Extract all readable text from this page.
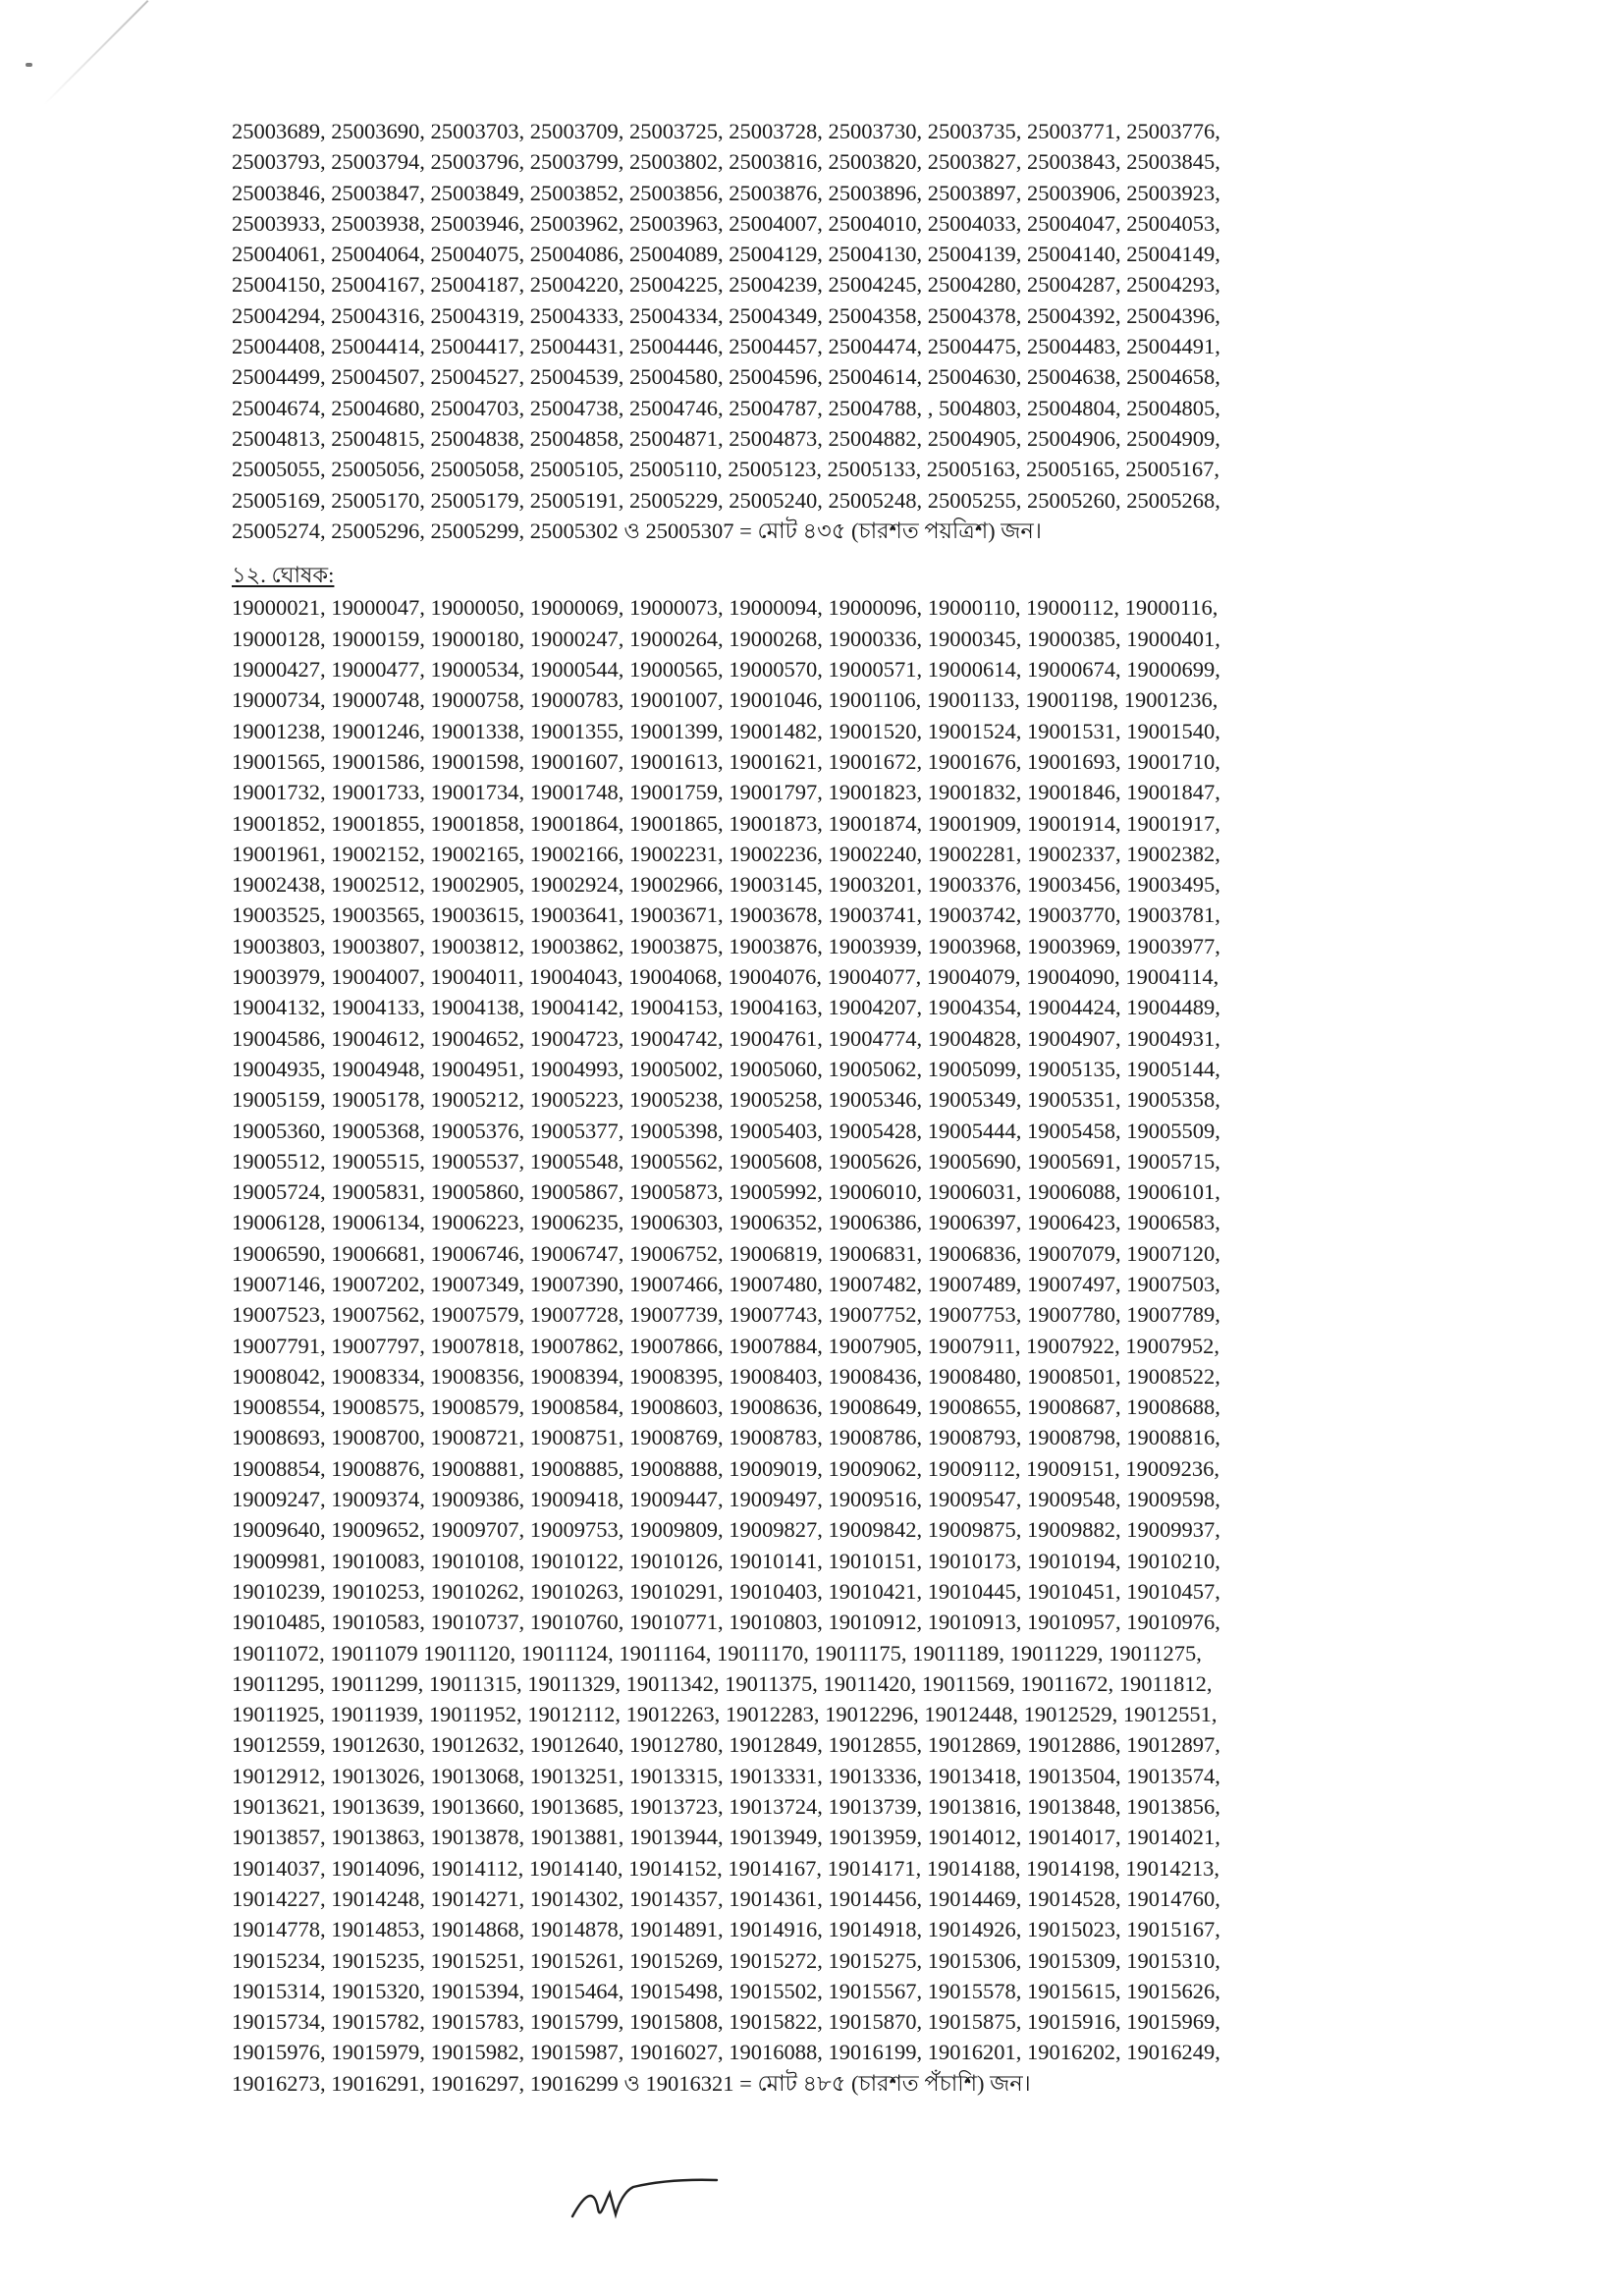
25003689, 25003690, 25003703, 25003709, 25003725, 25003728, 25003730, 25003735, 25003771, 25003776,
25003793, 25003794, 25003796, 25003799, 25003802, 25003816, 25003820, 25003827, 25003843, 25003845,
25003846, 25003847, 25003849, 25003852, 25003856, 25003876, 25003896, 25003897, 25003906, 25003923,
25003933, 25003938, 25003946, 25003962, 25003963, 25004007, 25004010, 25004033, 25004047, 25004053,
25004061, 25004064, 25004075, 25004086, 25004089, 25004129, 25004130, 25004139, 25004140, 25004149,
25004150, 25004167, 25004187, 25004220, 25004225, 25004239, 25004245, 25004280, 25004287, 25004293,
25004294, 25004316, 25004319, 25004333, 25004334, 25004349, 25004358, 25004378, 25004392, 25004396,
25004408, 25004414, 25004417, 25004431, 25004446, 25004457, 25004474, 25004475, 25004483, 25004491,
25004499, 25004507, 25004527, 25004539, 25004580, 25004596, 25004614, 25004630, 25004638, 25004658,
25004674, 25004680, 25004703, 25004738, 25004746, 25004787, 25004788, , 5004803, 25004804, 25004805,
25004813, 25004815, 25004838, 25004858, 25004871, 25004873, 25004882, 25004905, 25004906, 25004909,
25005055, 25005056, 25005058, 25005105, 25005110, 25005123, 25005133, 25005163, 25005165, 25005167,
25005169, 25005170, 25005179, 25005191, 25005229, 25005240, 25005248, 25005255, 25005260, 25005268,
25005274, 25005296, 25005299, 25005302 ও 25005307 = মোট ৪৩৫ (চারশত পয়ত্রিশ) জন।
১২. ঘোষক:
19000021, 19000047, 19000050, 19000069, 19000073, 19000094, 19000096, 19000110, 19000112, 19000116,
19000128, 19000159, 19000180, 19000247, 19000264, 19000268, 19000336, 19000345, 19000385, 19000401,
19000427, 19000477, 19000534, 19000544, 19000565, 19000570, 19000571, 19000614, 19000674, 19000699,
19000734, 19000748, 19000758, 19000783, 19001007, 19001046, 19001106, 19001133, 19001198, 19001236,
19001238, 19001246, 19001338, 19001355, 19001399, 19001482, 19001520, 19001524, 19001531, 19001540,
19001565, 19001586, 19001598, 19001607, 19001613, 19001621, 19001672, 19001676, 19001693, 19001710,
19001732, 19001733, 19001734, 19001748, 19001759, 19001797, 19001823, 19001832, 19001846, 19001847,
19001852, 19001855, 19001858, 19001864, 19001865, 19001873, 19001874, 19001909, 19001914, 19001917,
19001961, 19002152, 19002165, 19002166, 19002231, 19002236, 19002240, 19002281, 19002337, 19002382,
19002438, 19002512, 19002905, 19002924, 19002966, 19003145, 19003201, 19003376, 19003456, 19003495,
19003525, 19003565, 19003615, 19003641, 19003671, 19003678, 19003741, 19003742, 19003770, 19003781,
19003803, 19003807, 19003812, 19003862, 19003875, 19003876, 19003939, 19003968, 19003969, 19003977,
19003979, 19004007, 19004011, 19004043, 19004068, 19004076, 19004077, 19004079, 19004090, 19004114,
19004132, 19004133, 19004138, 19004142, 19004153, 19004163, 19004207, 19004354, 19004424, 19004489,
19004586, 19004612, 19004652, 19004723, 19004742, 19004761, 19004774, 19004828, 19004907, 19004931,
19004935, 19004948, 19004951, 19004993, 19005002, 19005060, 19005062, 19005099, 19005135, 19005144,
19005159, 19005178, 19005212, 19005223, 19005238, 19005258, 19005346, 19005349, 19005351, 19005358,
19005360, 19005368, 19005376, 19005377, 19005398, 19005403, 19005428, 19005444, 19005458, 19005509,
19005512, 19005515, 19005537, 19005548, 19005562, 19005608, 19005626, 19005690, 19005691, 19005715,
19005724, 19005831, 19005860, 19005867, 19005873, 19005992, 19006010, 19006031, 19006088, 19006101,
19006128, 19006134, 19006223, 19006235, 19006303, 19006352, 19006386, 19006397, 19006423, 19006583,
19006590, 19006681, 19006746, 19006747, 19006752, 19006819, 19006831, 19006836, 19007079, 19007120,
19007146, 19007202, 19007349, 19007390, 19007466, 19007480, 19007482, 19007489, 19007497, 19007503,
19007523, 19007562, 19007579, 19007728, 19007739, 19007743, 19007752, 19007753, 19007780, 19007789,
19007791, 19007797, 19007818, 19007862, 19007866, 19007884, 19007905, 19007911, 19007922, 19007952,
19008042, 19008334, 19008356, 19008394, 19008395, 19008403, 19008436, 19008480, 19008501, 19008522,
19008554, 19008575, 19008579, 19008584, 19008603, 19008636, 19008649, 19008655, 19008687, 19008688,
19008693, 19008700, 19008721, 19008751, 19008769, 19008783, 19008786, 19008793, 19008798, 19008816,
19008854, 19008876, 19008881, 19008885, 19008888, 19009019, 19009062, 19009112, 19009151, 19009236,
19009247, 19009374, 19009386, 19009418, 19009447, 19009497, 19009516, 19009547, 19009548, 19009598,
19009640, 19009652, 19009707, 19009753, 19009809, 19009827, 19009842, 19009875, 19009882, 19009937,
19009981, 19010083, 19010108, 19010122, 19010126, 19010141, 19010151, 19010173, 19010194, 19010210,
19010239, 19010253, 19010262, 19010263, 19010291, 19010403, 19010421, 19010445, 19010451, 19010457,
19010485, 19010583, 19010737, 19010760, 19010771, 19010803, 19010912, 19010913, 19010957, 19010976,
19011072, 19011079 19011120, 19011124, 19011164, 19011170, 19011175, 19011189, 19011229, 19011275,
19011295, 19011299, 19011315, 19011329, 19011342, 19011375, 19011420, 19011569, 19011672, 19011812,
19011925, 19011939, 19011952, 19012112, 19012263, 19012283, 19012296, 19012448, 19012529, 19012551,
19012559, 19012630, 19012632, 19012640, 19012780, 19012849, 19012855, 19012869, 19012886, 19012897,
19012912, 19013026, 19013068, 19013251, 19013315, 19013331, 19013336, 19013418, 19013504, 19013574,
19013621, 19013639, 19013660, 19013685, 19013723, 19013724, 19013739, 19013816, 19013848, 19013856,
19013857, 19013863, 19013878, 19013881, 19013944, 19013949, 19013959, 19014012, 19014017, 19014021,
19014037, 19014096, 19014112, 19014140, 19014152, 19014167, 19014171, 19014188, 19014198, 19014213,
19014227, 19014248, 19014271, 19014302, 19014357, 19014361, 19014456, 19014469, 19014528, 19014760,
19014778, 19014853, 19014868, 19014878, 19014891, 19014916, 19014918, 19014926, 19015023, 19015167,
19015234, 19015235, 19015251, 19015261, 19015269, 19015272, 19015275, 19015306, 19015309, 19015310,
19015314, 19015320, 19015394, 19015464, 19015498, 19015502, 19015567, 19015578, 19015615, 19015626,
19015734, 19015782, 19015783, 19015799, 19015808, 19015822, 19015870, 19015875, 19015916, 19015969,
19015976, 19015979, 19015982, 19015987, 19016027, 19016088, 19016199, 19016201, 19016202, 19016249,
19016273, 19016291, 19016297, 19016299 ও 19016321 = মোট ৪৮৫ (চারশত পঁচাশি) জন।
